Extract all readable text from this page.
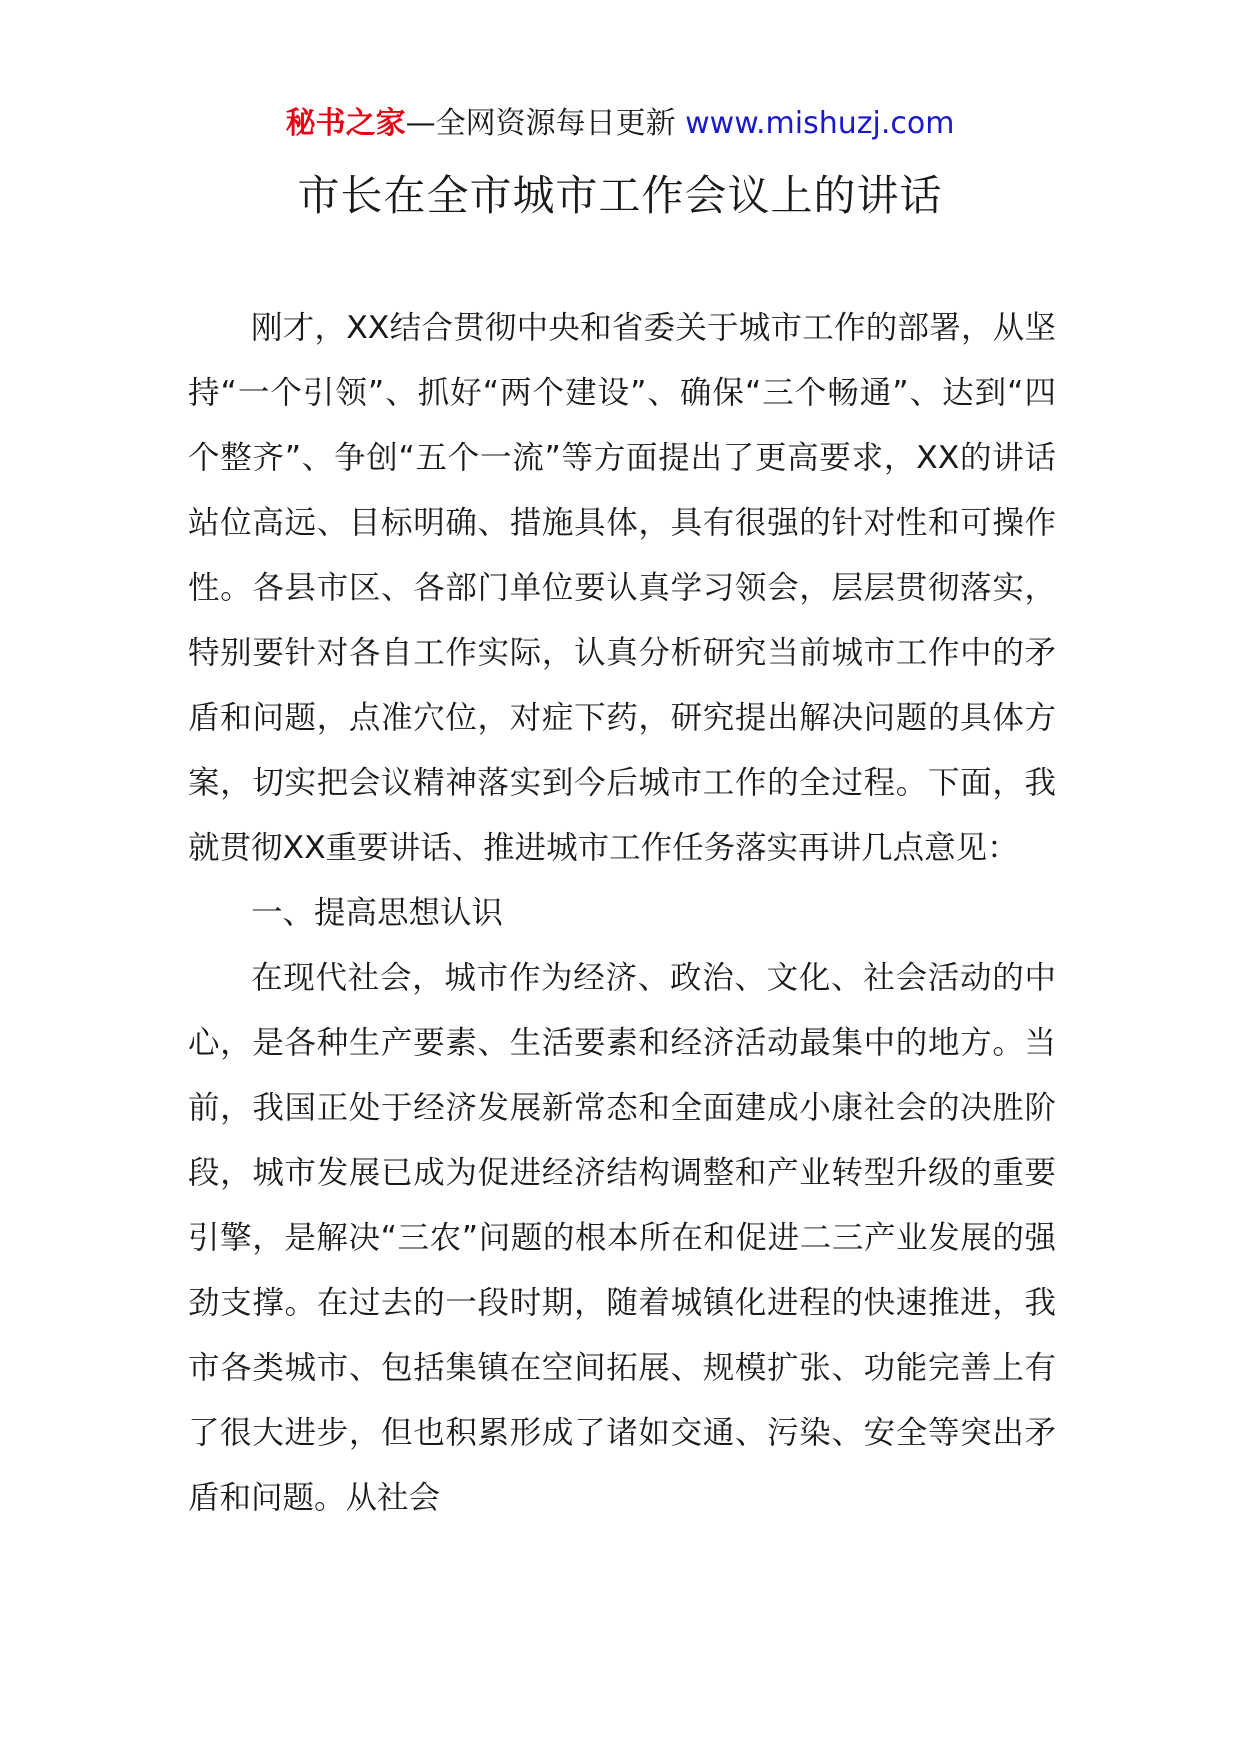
秘书之家—全网资源每日更新 www.mishuzj.com
市长在全市城市工作会议上的讲话

刚才，XX结合贯彻中央和省委关于城市工作的部署，从坚持“一个引领”、抓好“两个建设”、确保“三个畅通”、达到“四个整齐”、争创“五个一流”等方面提出了更高要求，XX的讲话站位高远、目标明确、措施具体，具有很强的针对性和可操作性。各县市区、各部门单位要认真学习领会，层层贯彻落实，特别要针对各自工作实际，认真分析研究当前城市工作中的矛盾和问题，点准穴位，对症下药，研究提出解决问题的具体方案，切实把会议精神落实到今后城市工作的全过程。下面，我就贯彻XX重要讲话、推进城市工作任务落实再讲几点意见：

一、提高思想认识

在现代社会，城市作为经济、政治、文化、社会活动的中心，是各种生产要素、生活要素和经济活动最集中的地方。当前，我国正处于经济发展新常态和全面建成小康社会的决胜阶段，城市发展已成为促进经济结构调整和产业转型升级的重要引擎，是解决“三农”问题的根本所在和促进二三产业发展的强劲支撑。在过去的一段时期，随着城镇化进程的快速推进，我市各类城市、包括集镇在空间拓展、规模扩张、功能完善上有了很大进步，但也积累形成了诸如交通、污染、安全等突出矛盾和问题。从社会
